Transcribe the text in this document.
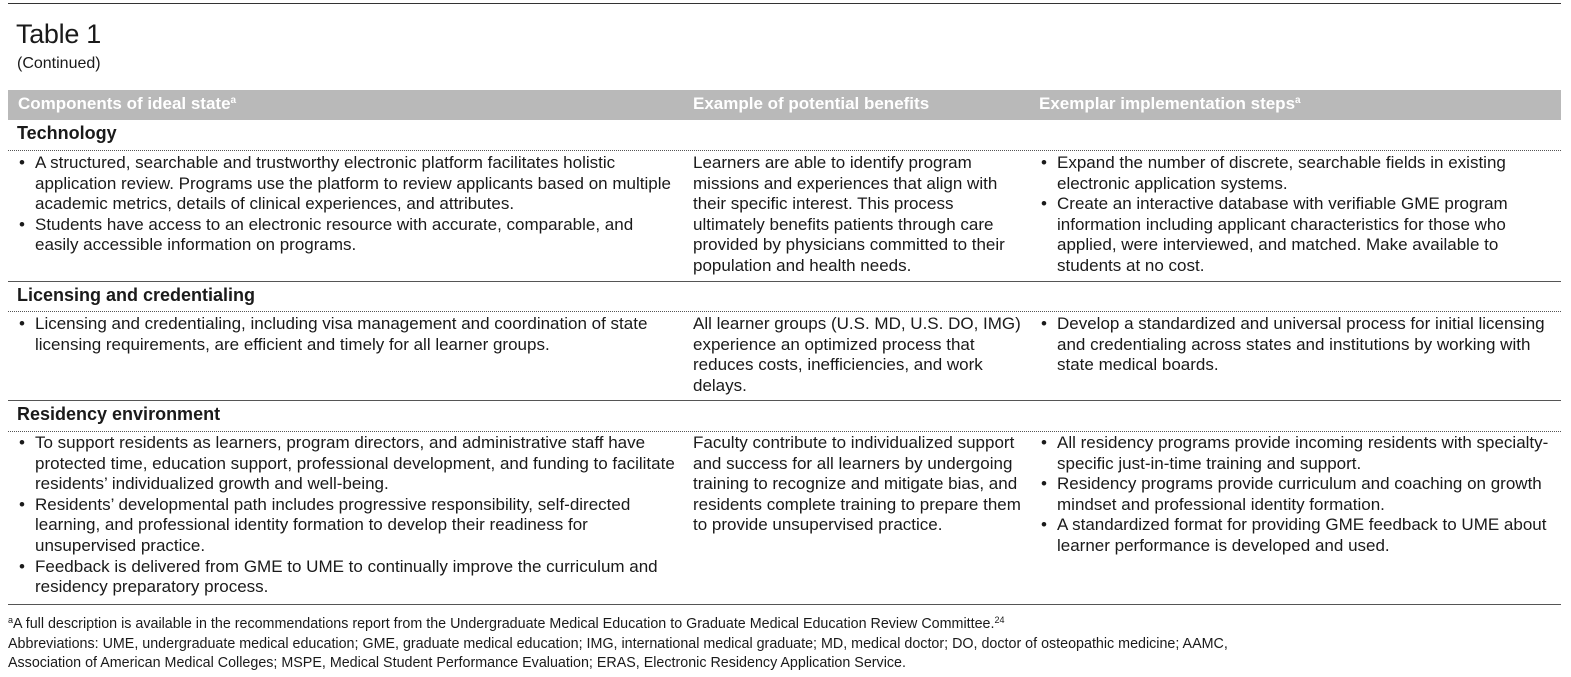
Table 1
(Continued)
Components of ideal state$^a$	Example of potential benefits	Exemplar implementation steps$^a$
Technology
• A structured, searchable and trustworthy electronic platform facilitates holistic application review. Programs use the platform to review applicants based on multiple academic metrics, details of clinical experiences, and attributes.
• Students have access to an electronic resource with accurate, comparable, and easily accessible information on programs.
Learners are able to identify program missions and experiences that align with their specific interest. This process ultimately benefits patients through care provided by physicians committed to their population and health needs.
• Expand the number of discrete, searchable fields in existing electronic application systems.
• Create an interactive database with verifiable GME program information including applicant characteristics for those who applied, were interviewed, and matched. Make available to students at no cost.
Licensing and credentialing
• Licensing and credentialing, including visa management and coordination of state licensing requirements, are efficient and timely for all learner groups.
All learner groups (U.S. MD, U.S. DO, IMG) experience an optimized process that reduces costs, inefficiencies, and work delays.
• Develop a standardized and universal process for initial licensing and credentialing across states and institutions by working with state medical boards.
Residency environment
• To support residents as learners, program directors, and administrative staff have protected time, education support, professional development, and funding to facilitate residents’ individualized growth and well-being.
• Residents’ developmental path includes progressive responsibility, self-directed learning, and professional identity formation to develop their readiness for unsupervised practice.
• Feedback is delivered from GME to UME to continually improve the curriculum and residency preparatory process.
Faculty contribute to individualized support and success for all learners by undergoing training to recognize and mitigate bias, and residents complete training to prepare them to provide unsupervised practice.
• All residency programs provide incoming residents with specialty-specific just-in-time training and support.
• Residency programs provide curriculum and coaching on growth mindset and professional identity formation.
• A standardized format for providing GME feedback to UME about learner performance is developed and used.
$^a$A full description is available in the recommendations report from the Undergraduate Medical Education to Graduate Medical Education Review Committee.$^{24}$
Abbreviations: UME, undergraduate medical education; GME, graduate medical education; IMG, international medical graduate; MD, medical doctor; DO, doctor of osteopathic medicine; AAMC, Association of American Medical Colleges; MSPE, Medical Student Performance Evaluation; ERAS, Electronic Residency Application Service.
